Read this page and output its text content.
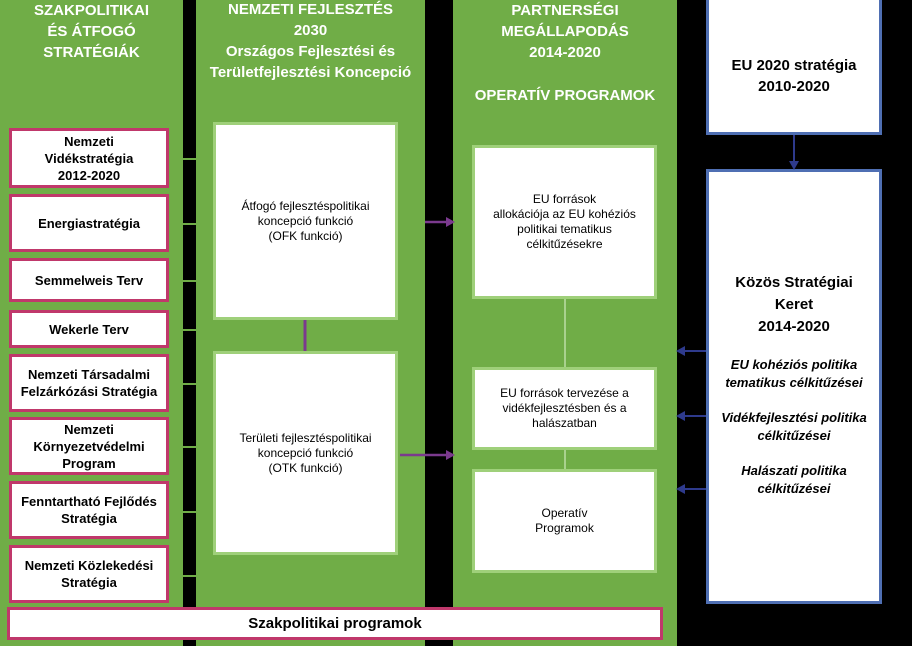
SZAKPOLITIKAI
ÉS ÁTFOGÓ
STRATÉGIÁK
NEMZETI FEJLESZTÉS
2030
Országos Fejlesztési és
Területfejlesztési Koncepció
PARTNERSÉGI
MEGÁLLAPODÁS
2014-2020
OPERATÍV PROGRAMOK
Nemzeti
Vidékstratégia
2012-2020
Energiastratégia
Semmelweis Terv
Wekerle Terv
Nemzeti Társadalmi
Felzárkózási Stratégia
Nemzeti
Környezetvédelmi
Program
Fenntartható Fejlődés
Stratégia
Nemzeti Közlekedési
Stratégia
Átfogó fejlesztéspolitikai
koncepció funkció
(OFK funkció)
Területi fejlesztéspolitikai
koncepció funkció
(OTK funkció)
EU források
allokációja az EU kohéziós
politikai tematikus
célkitűzésekre
EU források tervezése a
vidékfejlesztésben és a
halászatban
Operatív
Programok
EU 2020 stratégia
2010-2020
Közös Stratégiai
Keret
2014-2020
EU kohéziós politika
tematikus célkitűzései
Vidékfejlesztési politika
célkitűzései
Halászati politika
célkitűzései
Szakpolitikai programok
